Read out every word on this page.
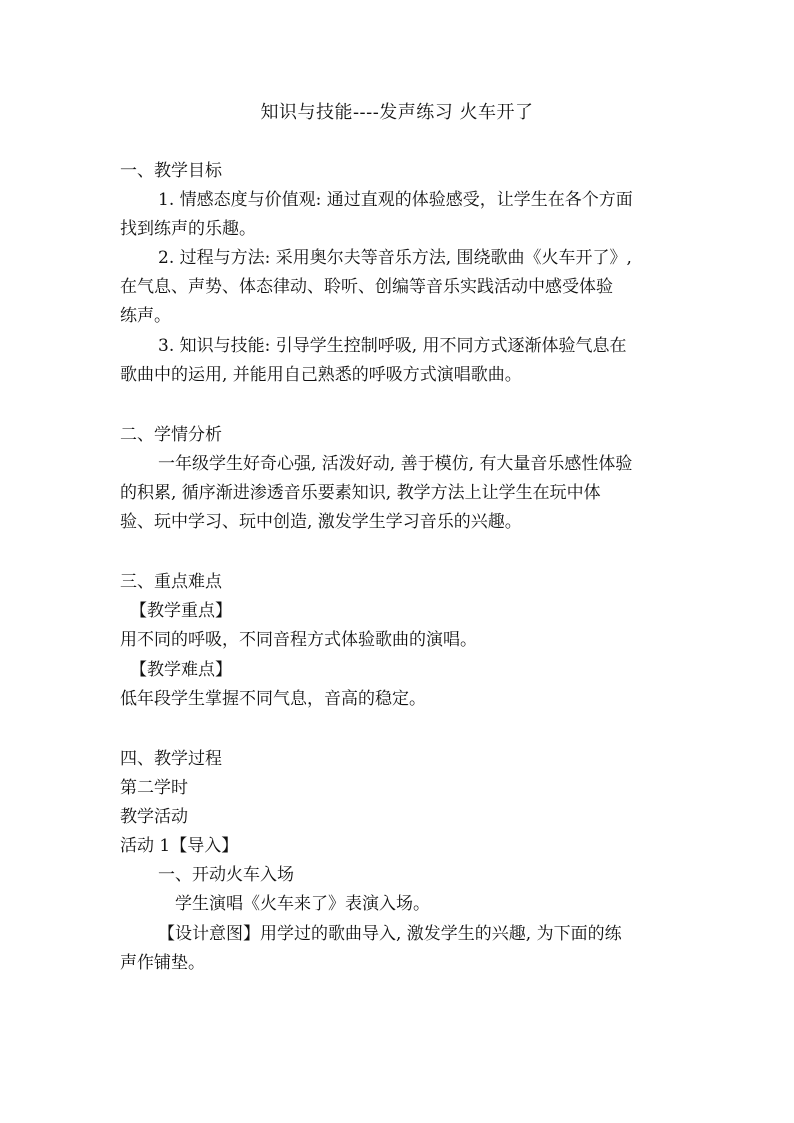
知识与技能----发声练习 火车开了
一、教学目标
1. 情感态度与价值观: 通过直观的体验感受，让学生在各个方面
找到练声的乐趣。
2. 过程与方法: 采用奥尔夫等音乐方法, 围绕歌曲《火车开了》,
在气息、声势、体态律动、聆听、创编等音乐实践活动中感受体验
练声。
3. 知识与技能: 引导学生控制呼吸, 用不同方式逐渐体验气息在
歌曲中的运用, 并能用自己熟悉的呼吸方式演唱歌曲。
二、学情分析
一年级学生好奇心强, 活泼好动, 善于模仿, 有大量音乐感性体验
的积累, 循序渐进渗透音乐要素知识, 教学方法上让学生在玩中体
验、玩中学习、玩中创造, 激发学生学习音乐的兴趣。
三、重点难点
【教学重点】
用不同的呼吸，不同音程方式体验歌曲的演唱。
【教学难点】
低年段学生掌握不同气息，音高的稳定。
四、教学过程
第二学时
教学活动
活动 1【导入】
一、开动火车入场
学生演唱《火车来了》表演入场。
【设计意图】用学过的歌曲导入, 激发学生的兴趣, 为下面的练
声作铺垫。
